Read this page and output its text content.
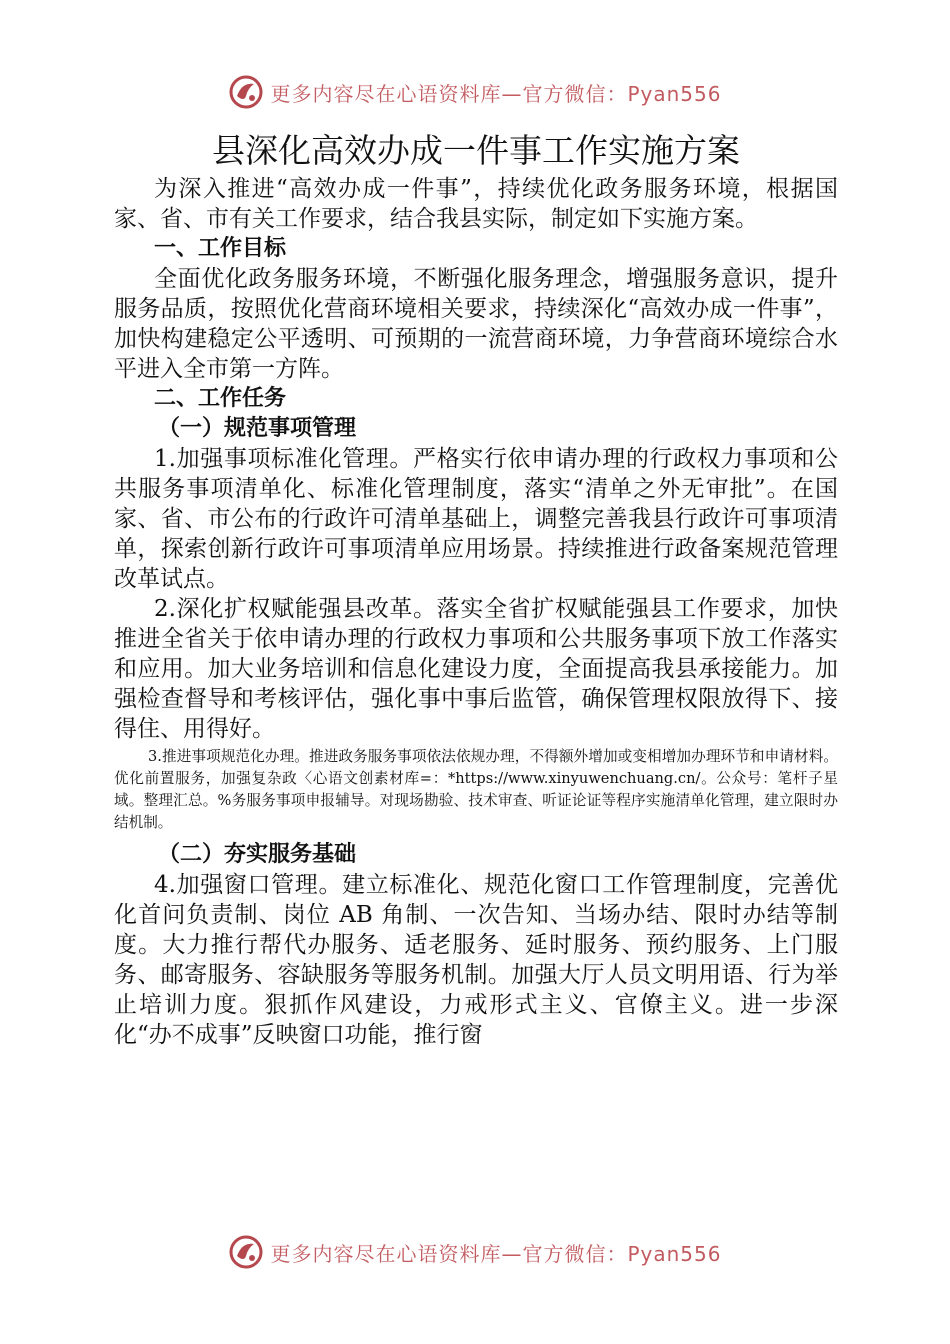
更多内容尽在心语资料库—官方微信：Pyan556
县深化高效办成一件事工作实施方案

为深入推进“高效办成一件事”，持续优化政务服务环境，根据国家、省、市有关工作要求，结合我县实际，制定如下实施方案。

一、工作目标

全面优化政务服务环境，不断强化服务理念，增强服务意识，提升服务品质，按照优化营商环境相关要求，持续深化“高效办成一件事”，加快构建稳定公平透明、可预期的一流营商环境，力争营商环境综合水平进入全市第一方阵。

二、工作任务

（一）规范事项管理

1.加强事项标准化管理。严格实行依申请办理的行政权力事项和公共服务事项清单化、标准化管理制度，落实“清单之外无审批”。在国家、省、市公布的行政许可清单基础上，调整完善我县行政许可事项清单，探索创新行政许可事项清单应用场景。持续推进行政备案规范管理改革试点。

2.深化扩权赋能强县改革。落实全省扩权赋能强县工作要求，加快推进全省关于依申请办理的行政权力事项和公共服务事项下放工作落实和应用。加大业务培训和信息化建设力度，全面提高我县承接能力。加强检查督导和考核评估，强化事中事后监管，确保管理权限放得下、接得住、用得好。

3.推进事项规范化办理。推进政务服务事项依法依规办理，不得额外增加或变相增加办理环节和申请材料。优化前置服务，加强复杂政〈心语文创素材库=：*https://www.xinyuwenchuang.cn/。公众号：笔杆子星域。整理汇总。%务服务事项申报辅导。对现场勘验、技术审查、听证论证等程序实施清单化管理，建立限时办结机制。

（二）夯实服务基础

4.加强窗口管理。建立标准化、规范化窗口工作管理制度，完善优化首问负责制、岗位 AB 角制、一次告知、当场办结、限时办结等制度。大力推行帮代办服务、适老服务、延时服务、预约服务、上门服务、邮寄服务、容缺服务等服务机制。加强大厅人员文明用语、行为举止培训力度。狠抓作风建设，力戒形式主义、官僚主义。进一步深化“办不成事”反映窗口功能，推行窗

更多内容尽在心语资料库—官方微信：Pyan556
